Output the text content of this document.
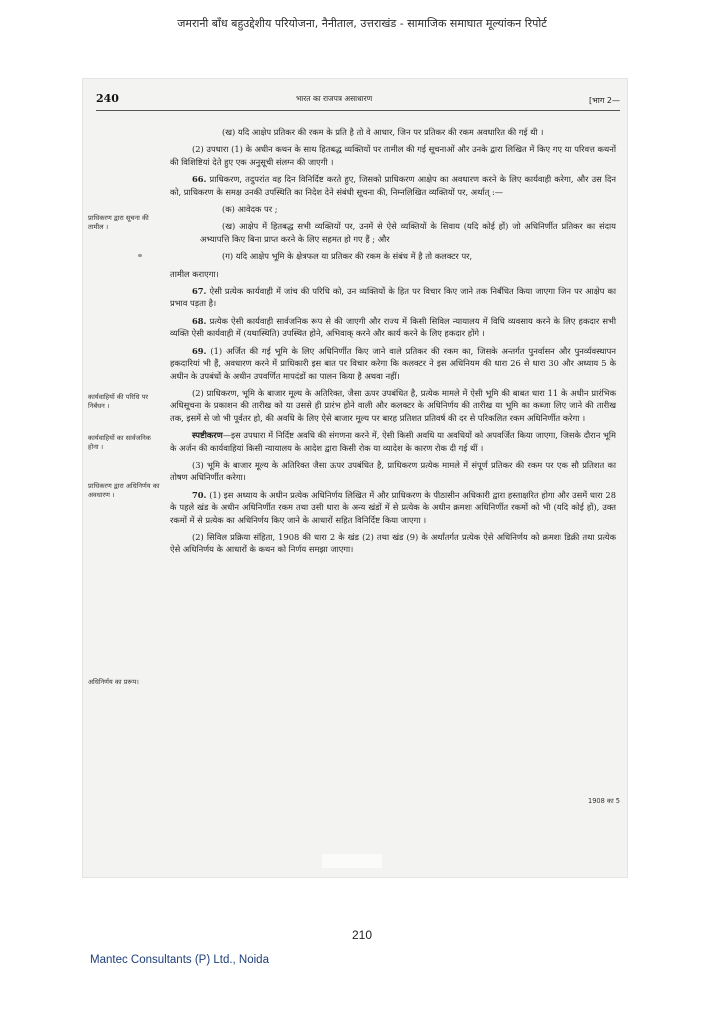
जमरानी बाँध बहुउद्देशीय परियोजना, नैनीताल, उत्तराखंड - सामाजिक समाघात मूल्यांकन रिपोर्ट
240	भारत का राजपत्र असाधारण	[भाग 2—
प्राधिकरण द्वारा सूचना की तामील ।
कार्यवाहियों की परिधि पर निर्बंधन ।
कार्यवाहियों का सार्वजनिक होना ।
प्राधिकरण द्वारा अधिनिर्णय का अवधारण ।
अधिनिर्णय का प्ररूप।
1908 का 5

(ख) यदि आक्षेप प्रतिकर की रकम के प्रति है तो वे आधार, जिन पर प्रतिकर की रकम अवधारित की गई थी ।

(2) उपधारा (1) के अधीन कथन के साथ हितबद्ध व्यक्तियों पर तामील की गई सूचनाओं और उनके द्वारा लिखित में किए गए या परिवत्त कथनों की विशिष्टियां देते हुए एक अनुसूची संलग्न की जाएगी ।

66. प्राधिकरण, तदुपरांत वह दिन विनिर्दिष्ट करते हुए, जिसको प्राधिकरण आक्षेप का अवधारण करने के लिए कार्यवाही करेगा, और उस दिन को, प्राधिकरण के समक्ष उनकी उपस्थिति का निदेश देने संबंधी सूचना की, निम्नलिखित व्यक्तियों पर, अर्थात् :—

(क) आवेदक पर ;

(ख) आक्षेप में हितबद्ध सभी व्यक्तियों पर, उनमें से ऐसे व्यक्तियों के सिवाय (यदि कोई हों) जो अधिनिर्णीत प्रतिकर का संदाय अभ्यापत्ति किए बिना प्राप्त करने के लिए सहमत हो गए हैं ; और

(ग) यदि आक्षेप भूमि के क्षेत्रफल या प्रतिकर की रकम के संबंध में है तो कलक्टर पर,

तामील कराएगा।

67. ऐसी प्रत्येक कार्यवाही में जांच की परिधि को, उन व्यक्तियों के हित पर विचार किए जाने तक निर्बंधित किया जाएगा जिन पर आक्षेप का प्रभाव पड़ता है।

68. प्रत्येक ऐसी कार्यवाही सार्वजनिक रूप से की जाएगी और राज्य में किसी सिविल न्यायालय में विधि व्यवसाय करने के लिए हकदार सभी व्यक्ति ऐसी कार्यवाही में (यथास्थिति) उपस्थित होने, अभिवाक् करने और कार्य करने के लिए हकदार होंगे ।

69. (1) अर्जित की गई भूमि के लिए अधिनिर्णीत किए जाने वाले प्रतिकर की रकम का, जिसके अन्तर्गत पुनर्वासन और पुनर्व्यवस्थापन हकदारियां भी हैं, अवधारण करने में प्राधिकारी इस बात पर विचार करेगा कि कलक्टर ने इस अधिनियम की धारा 26 से धारा 30 और अध्याय 5 के अधीन के उपबंधों के अधीन उपवर्णित मापदंडों का पालन किया है अथवा नहीं।

(2) प्राधिकरण, भूमि के बाजार मूल्य के अतिरिक्त, जैसा ऊपर उपबंधित है, प्रत्येक मामले में ऐसी भूमि की बाबत धारा 11 के अधीन प्रारंभिक अधिसूचना के प्रकाशन की तारीख को या उससे ही प्रारंभ होने वाली और कलक्टर के अधिनिर्णय की तारीख या भूमि का कब्जा लिए जाने की तारीख तक, इसमें से जो भी पूर्वतर हो, की अवधि के लिए ऐसे बाजार मूल्य पर बारह प्रतिशत प्रतिवर्ष की दर से परिकलित रकम अधिनिर्णीत करेगा ।

स्पष्टीकरण—इस उपधारा में निर्दिष्ट अवधि की संगणना करने में, ऐसी किसी अवधि या अवधियों को अपवर्जित किया जाएगा, जिसके दौरान भूमि के अर्जन की कार्यवाहियां किसी न्यायालय के आदेश द्वारा किसी रोक या व्यादेश के कारण रोक दी गई थीं ।

(3) भूमि के बाजार मूल्य के अतिरिक्त जैसा ऊपर उपबंधित है, प्राधिकरण प्रत्येक मामले में संपूर्ण प्रतिकर की रकम पर एक सौ प्रतिशत का तोषण अधिनिर्णीत करेगा।

70. (1) इस अध्याय के अधीन प्रत्येक अधिनिर्णय लिखित में और प्राधिकरण के पीठासीन अधिकारी द्वारा हस्ताक्षरित होगा और उसमें धारा 28 के पहले खंड के अधीन अधिनिर्णीत रकम तथा उसी धारा के अन्य खंडों में से प्रत्येक के अधीन क्रमशः अधिनिर्णीत रकमों को भी (यदि कोई हों), उक्त रकमों में से प्रत्येक का अधिनिर्णय किए जाने के आधारों सहित विनिर्दिष्ट किया जाएगा ।

(2) सिविल प्रक्रिया संहिता, 1908 की धारा 2 के खंड (2) तथा खंड (9) के अर्थांतर्गत प्रत्येक ऐसे अधिनिर्णय को क्रमशः डिक्री तथा प्रत्येक ऐसे अधिनिर्णय के आधारों के कथन को निर्णय समझा जाएगा।

210
Mantec Consultants (P) Ltd., Noida
